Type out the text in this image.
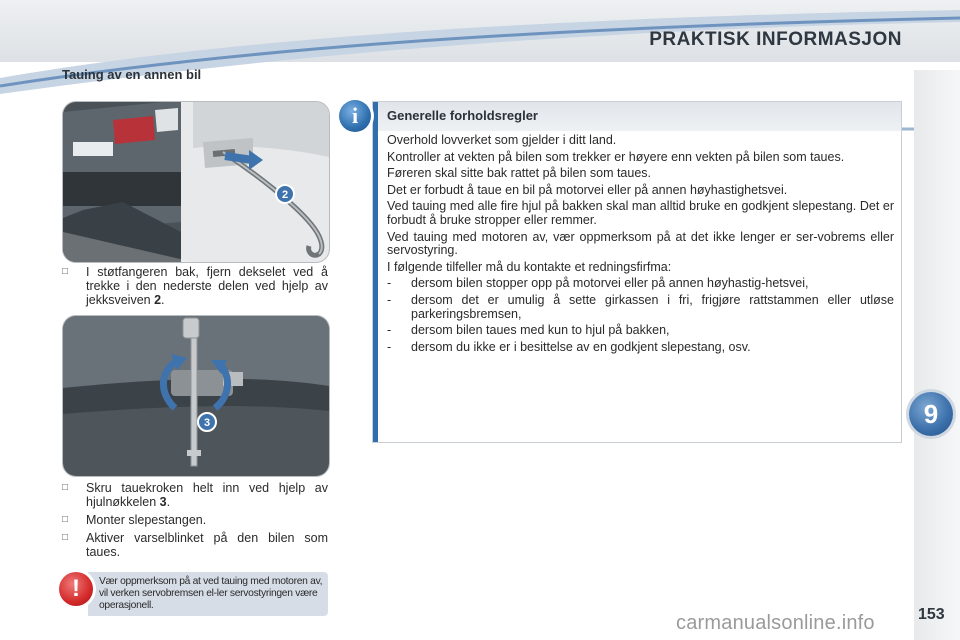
PRAKTISK INFORMASJON
9
153
Tauing av en annen bil
2
□	I støtfangeren bak, fjern dekselet ved å trekke i den nederste delen ved hjelp av jekksveiven 2.
3
□	Skru tauekroken helt inn ved hjelp av hjulnøkkelen 3.
□	Monter slepestangen.
□	Aktiver varselblinket på den bilen som taues.
!	Vær oppmerksom på at ved tauing med motoren av, vil verken servobremsen el-ler servostyringen være operasjonell.
i	Generelle forholdsregler

Overhold lovverket som gjelder i ditt land.

Kontroller at vekten på bilen som trekker er høyere enn vekten på bilen som taues.

Føreren skal sitte bak rattet på bilen som taues.

Det er forbudt å taue en bil på motorvei eller på annen høyhastighetsvei.

Ved tauing med alle fire hjul på bakken skal man alltid bruke en godkjent slepestang. Det er forbudt å bruke stropper eller remmer.

Ved tauing med motoren av, vær oppmerksom på at det ikke lenger er ser-vobrems eller servostyring.

I følgende tilfeller må du kontakte et redningsfirfma:

-	dersom bilen stopper opp på motorvei eller på annen høyhastig-hetsvei,
-	dersom det er umulig å sette girkassen i fri, frigjøre rattstammen eller utløse parkeringsbremsen,
-	dersom bilen taues med kun to hjul på bakken,
-	dersom du ikke er i besittelse av en godkjent slepestang, osv.
carmanualsonline.info
